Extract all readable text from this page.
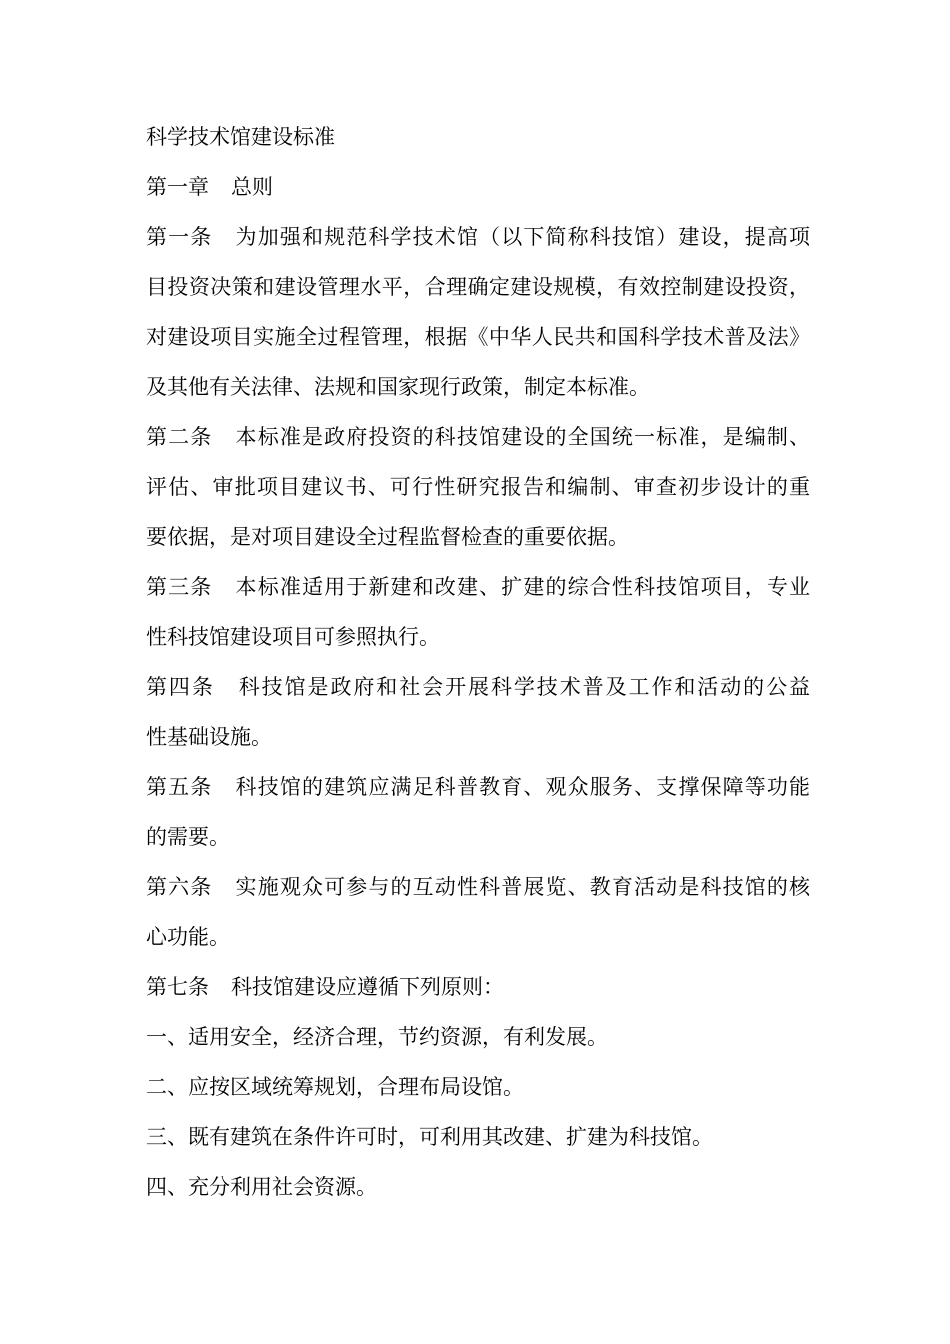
科学技术馆建设标准
第一章 总则
第一条 为加强和规范科学技术馆（以下简称科技馆）建设，提高项
目投资决策和建设管理水平，合理确定建设规模，有效控制建设投资，
对建设项目实施全过程管理，根据《中华人民共和国科学技术普及法》
及其他有关法律、法规和国家现行政策，制定本标准。
第二条 本标准是政府投资的科技馆建设的全国统一标准，是编制、
评估、审批项目建议书、可行性研究报告和编制、审查初步设计的重
要依据，是对项目建设全过程监督检查的重要依据。
第三条 本标准适用于新建和改建、扩建的综合性科技馆项目，专业
性科技馆建设项目可参照执行。
第四条 科技馆是政府和社会开展科学技术普及工作和活动的公益
性基础设施。
第五条 科技馆的建筑应满足科普教育、观众服务、支撑保障等功能
的需要。
第六条 实施观众可参与的互动性科普展览、教育活动是科技馆的核
心功能。
第七条 科技馆建设应遵循下列原则：
一、适用安全，经济合理，节约资源，有利发展。
二、应按区域统筹规划，合理布局设馆。
三、既有建筑在条件许可时，可利用其改建、扩建为科技馆。
四、充分利用社会资源。
